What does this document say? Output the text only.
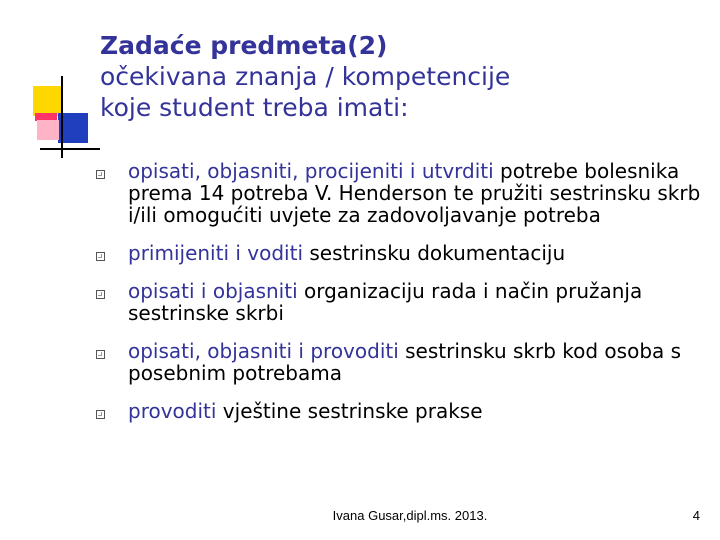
Zadaće predmeta(2)
očekivana znanja / kompetencije
koje student treba imati:
opisati, objasniti, procijeniti i utvrditi potrebe bolesnika prema 14 potreba V. Henderson te pružiti sestrinsku skrb i/ili omogućiti uvjete za zadovoljavanje potreba
primijeniti i voditi sestrinsku dokumentaciju
opisati i objasniti organizaciju rada i način pružanja sestrinske skrbi
opisati, objasniti i provoditi sestrinsku skrb kod osoba s posebnim potrebama
provoditi vještine sestrinske prakse
Ivana Gusar,dipl.ms. 2013.	4
